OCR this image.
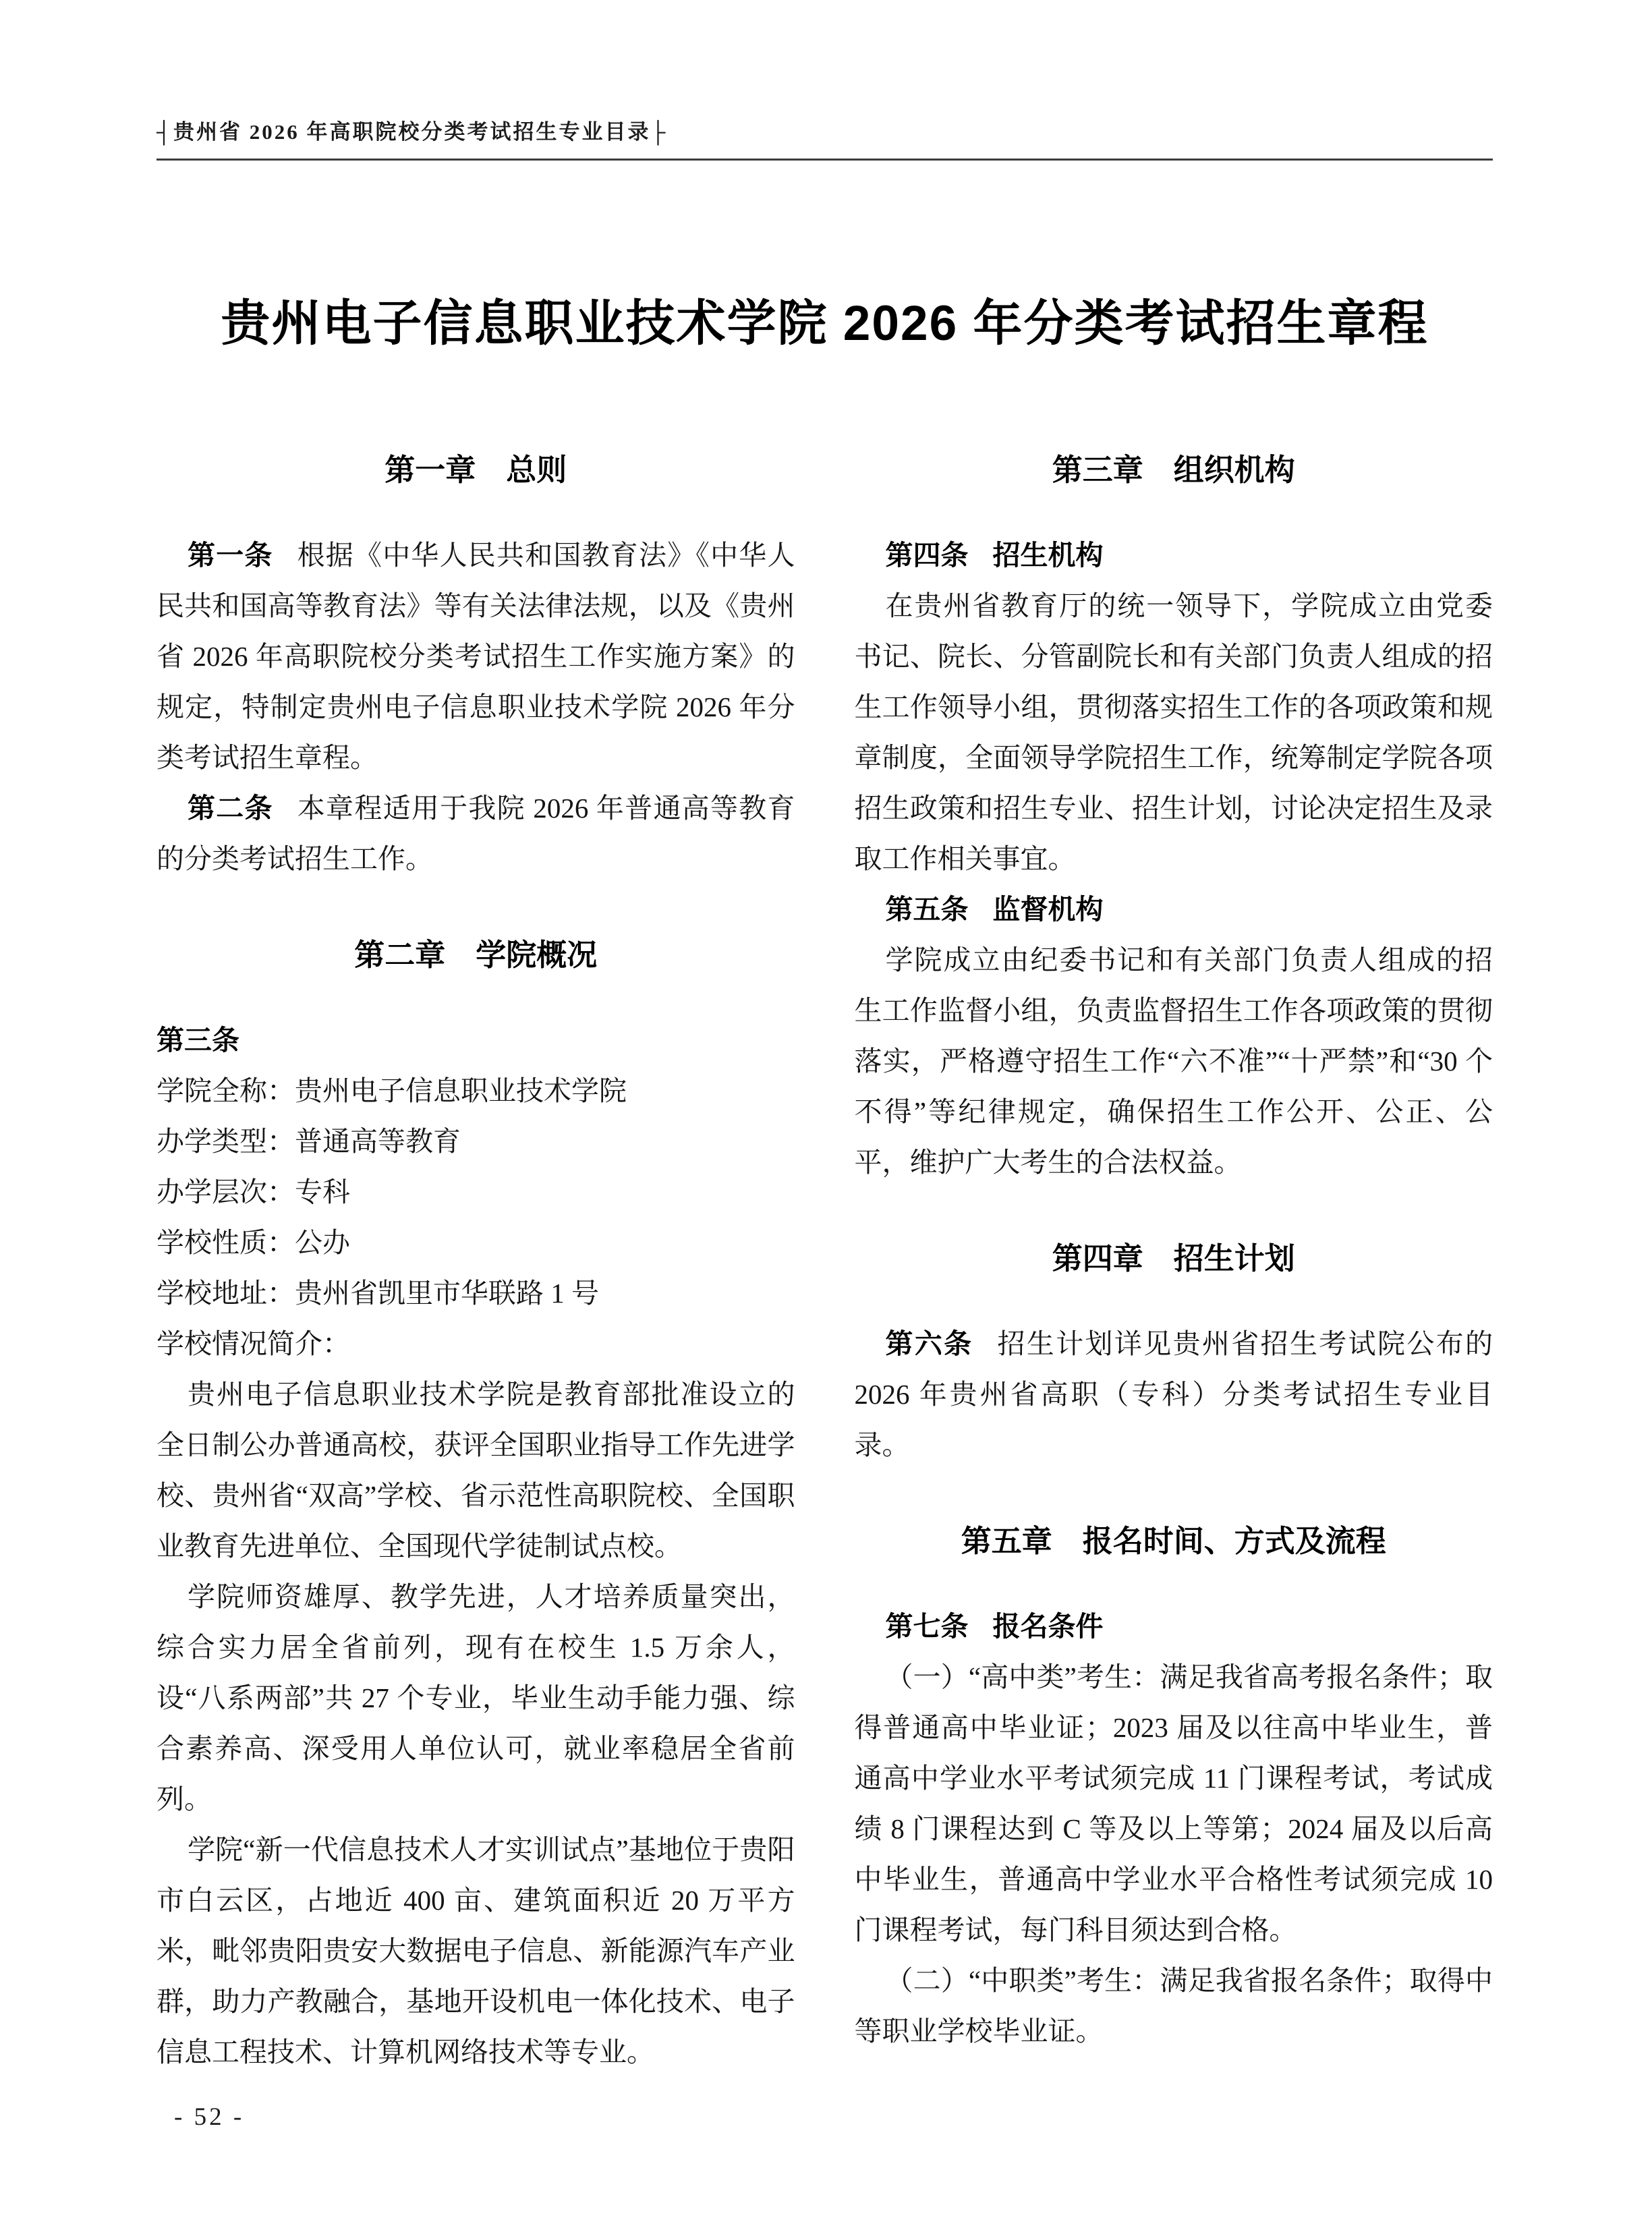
┤贵州省 2026 年高职院校分类考试招生专业目录├
贵州电子信息职业技术学院 2026 年分类考试招生章程
第一章　总则

第一条 根据《中华人民共和国教育法》《中华人民共和国高等教育法》等有关法律法规，以及《贵州省 2026 年高职院校分类考试招生工作实施方案》的规定，特制定贵州电子信息职业技术学院 2026 年分类考试招生章程。

第二条 本章程适用于我院 2026 年普通高等教育的分类考试招生工作。

第二章　学院概况

第三条

学院全称：贵州电子信息职业技术学院

办学类型：普通高等教育

办学层次：专科

学校性质：公办

学校地址：贵州省凯里市华联路 1 号

学校情况简介：

贵州电子信息职业技术学院是教育部批准设立的全日制公办普通高校，获评全国职业指导工作先进学校、贵州省“双高”学校、省示范性高职院校、全国职业教育先进单位、全国现代学徒制试点校。

学院师资雄厚、教学先进，人才培养质量突出，综合实力居全省前列，现有在校生 1.5 万余人，设“八系两部”共 27 个专业，毕业生动手能力强、综合素养高、深受用人单位认可，就业率稳居全省前列。

学院“新一代信息技术人才实训试点”基地位于贵阳市白云区，占地近 400 亩、建筑面积近 20 万平方米，毗邻贵阳贵安大数据电子信息、新能源汽车产业群，助力产教融合，基地开设机电一体化技术、电子信息工程技术、计算机网络技术等专业。

第三章　组织机构

第四条 招生机构

在贵州省教育厅的统一领导下，学院成立由党委书记、院长、分管副院长和有关部门负责人组成的招生工作领导小组，贯彻落实招生工作的各项政策和规章制度，全面领导学院招生工作，统筹制定学院各项招生政策和招生专业、招生计划，讨论决定招生及录取工作相关事宜。

第五条 监督机构

学院成立由纪委书记和有关部门负责人组成的招生工作监督小组，负责监督招生工作各项政策的贯彻落实，严格遵守招生工作“六不准”“十严禁”和“30 个不得”等纪律规定，确保招生工作公开、公正、公平，维护广大考生的合法权益。

第四章　招生计划

第六条 招生计划详见贵州省招生考试院公布的 2026 年贵州省高职（专科）分类考试招生专业目录。

第五章　报名时间、方式及流程

第七条 报名条件

（一）“高中类”考生：满足我省高考报名条件；取得普通高中毕业证；2023 届及以往高中毕业生，普通高中学业水平考试须完成 11 门课程考试，考试成绩 8 门课程达到 C 等及以上等第；2024 届及以后高中毕业生，普通高中学业水平合格性考试须完成 10 门课程考试，每门科目须达到合格。

（二）“中职类”考生：满足我省报名条件；取得中等职业学校毕业证。

- 52 -
